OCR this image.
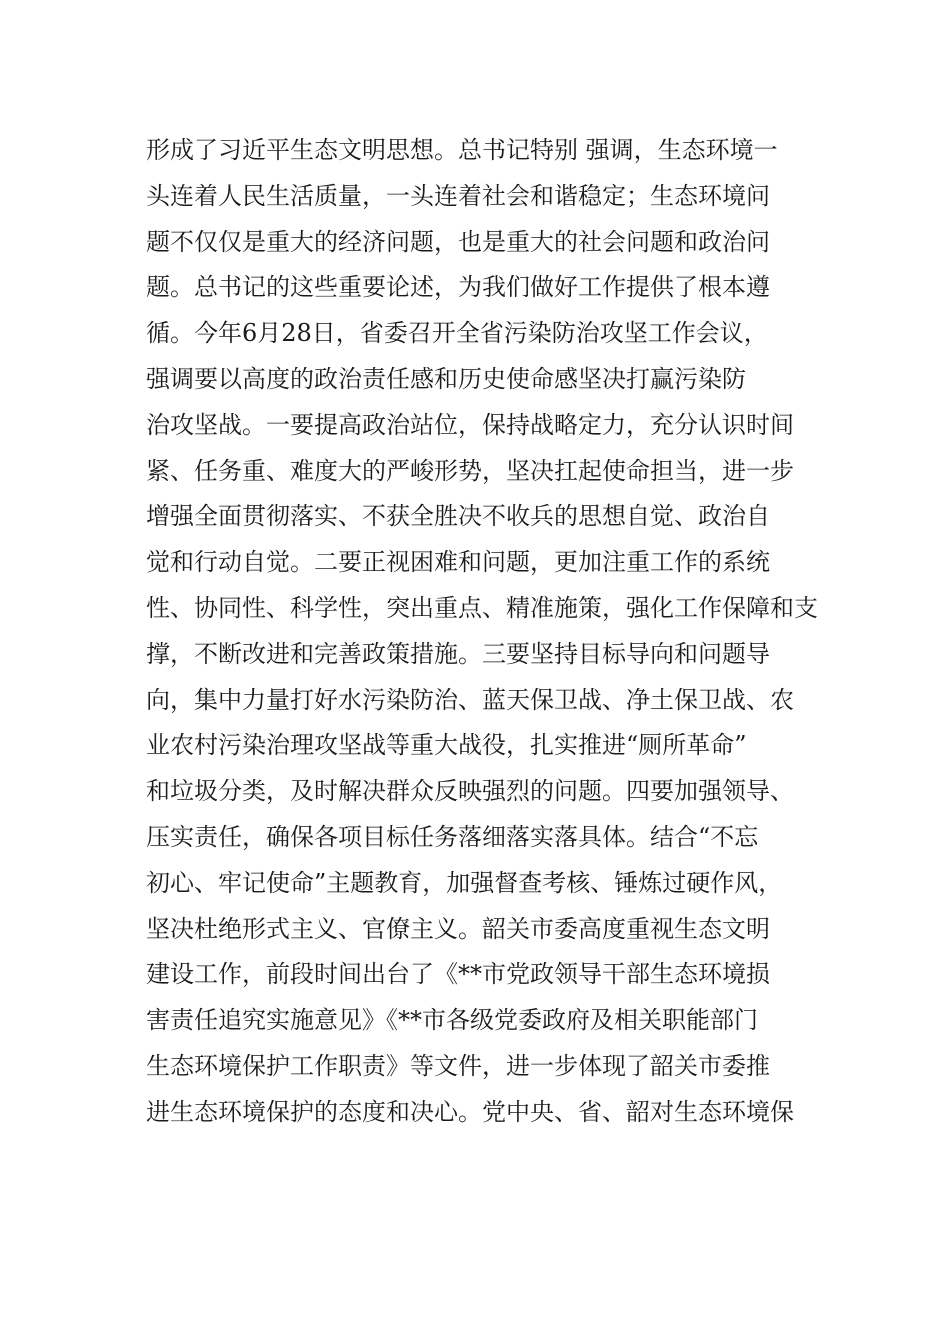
形成了习近平生态文明思想。总书记特别 强调，生态环境一
头连着人民生活质量，一头连着社会和谐稳定；生态环境问
题不仅仅是重大的经济问题，也是重大的社会问题和政治问
题。总书记的这些重要论述，为我们做好工作提供了根本遵
循。今年6月28日，省委召开全省污染防治攻坚工作会议，
强调要以高度的政治责任感和历史使命感坚决打赢污染防
治攻坚战。一要提高政治站位，保持战略定力，充分认识时间
紧、任务重、难度大的严峻形势，坚决扛起使命担当，进一步
增强全面贯彻落实、不获全胜决不收兵的思想自觉、政治自
觉和行动自觉。二要正视困难和问题，更加注重工作的系统
性、协同性、科学性，突出重点、精准施策，强化工作保障和支
撑，不断改进和完善政策措施。三要坚持目标导向和问题导
向，集中力量打好水污染防治、蓝天保卫战、净土保卫战、农
业农村污染治理攻坚战等重大战役，扎实推进“厕所革命”
和垃圾分类，及时解决群众反映强烈的问题。四要加强领导、
压实责任，确保各项目标任务落细落实落具体。结合“不忘
初心、牢记使命”主题教育，加强督查考核、锤炼过硬作风，
坚决杜绝形式主义、官僚主义。韶关市委高度重视生态文明
建设工作，前段时间出台了《**市党政领导干部生态环境损
害责任追究实施意见》《**市各级党委政府及相关职能部门
生态环境保护工作职责》等文件，进一步体现了韶关市委推
进生态环境保护的态度和决心。党中央、省、韶对生态环境保
